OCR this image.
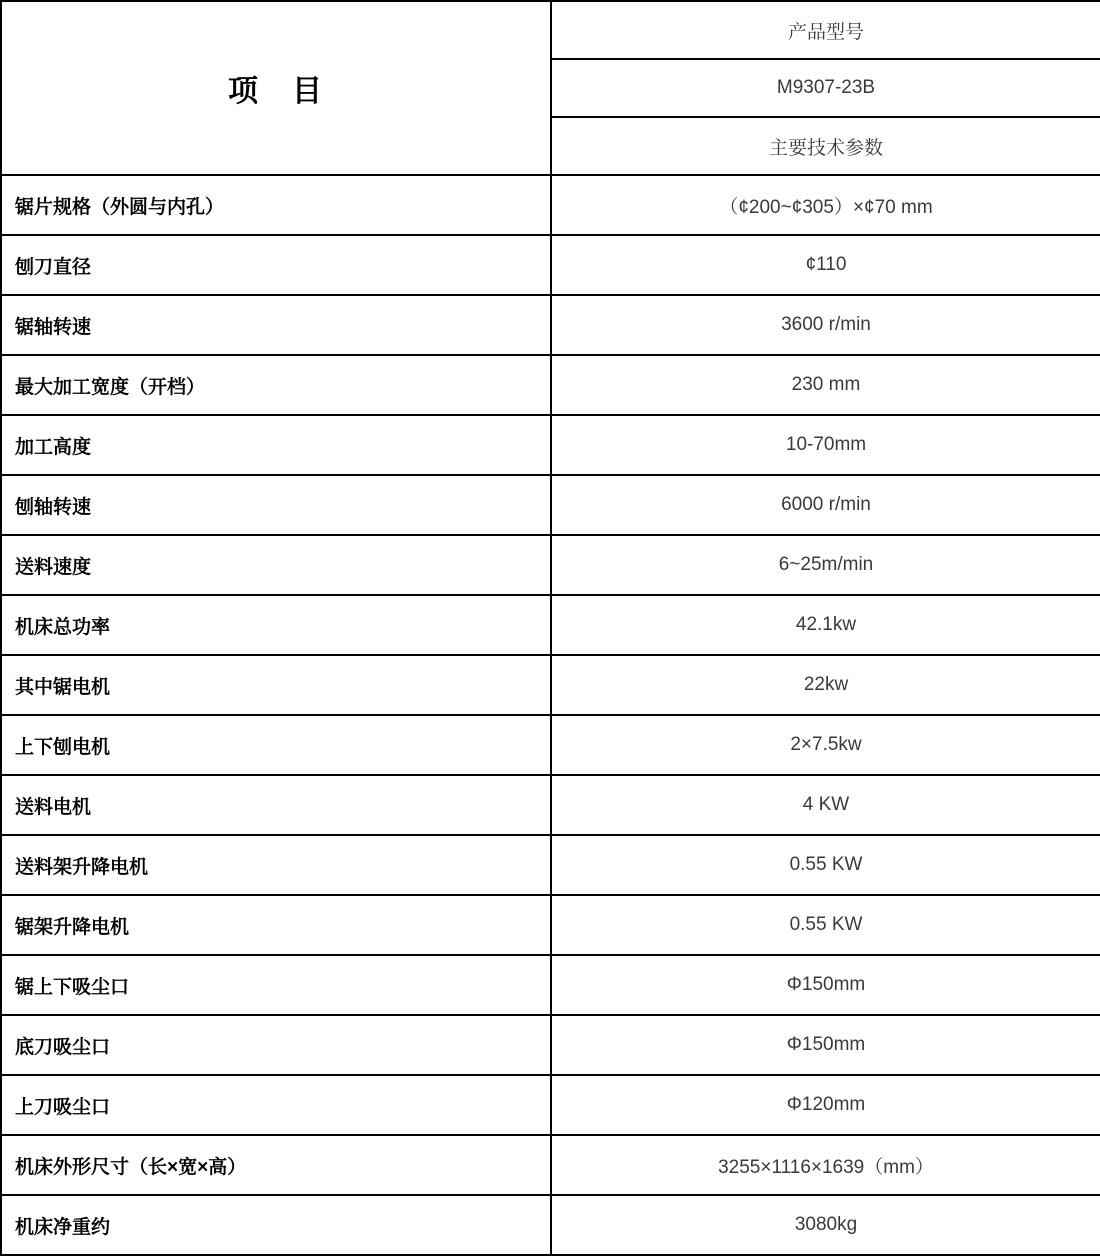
项　目	产品型号
	M9307-23B
	主要技术参数
锯片规格（外圆与内孔）	（¢200~¢305）×¢70 mm
刨刀直径	¢110
锯轴转速	3600 r/min
最大加工宽度（开档）	230 mm
加工高度	10-70mm
刨轴转速	6000 r/min
送料速度	6~25m/min
机床总功率	42.1kw
其中锯电机	22kw
上下刨电机	2×7.5kw
送料电机	4 KW
送料架升降电机	0.55 KW
锯架升降电机	0.55 KW
锯上下吸尘口	Φ150mm
底刀吸尘口	Φ150mm
上刀吸尘口	Φ120mm
机床外形尺寸（长×宽×高）	3255×1116×1639（mm）
机床净重约	3080kg
